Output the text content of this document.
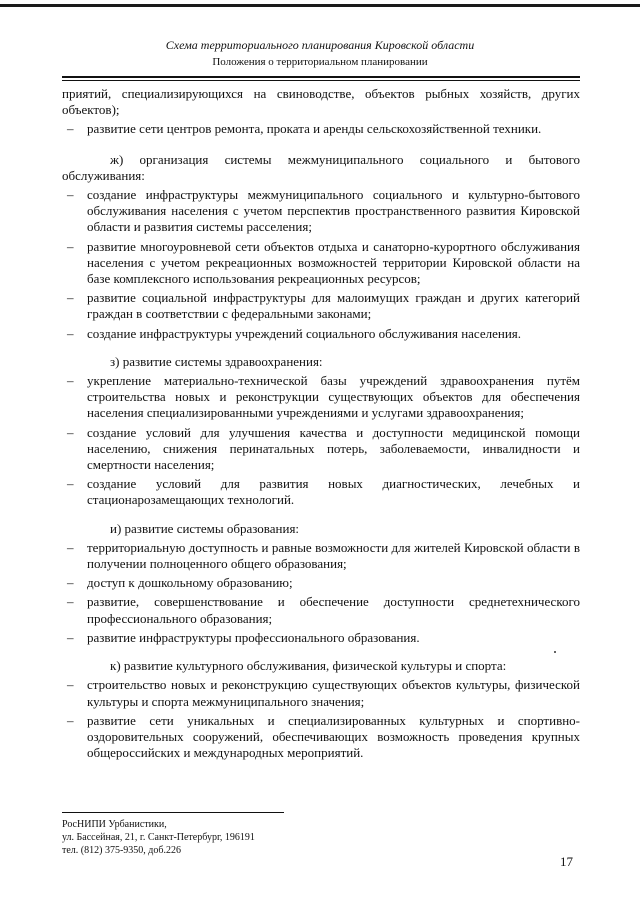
Схема территориального планирования Кировской области
Положения о территориальном планировании
приятий, специализирующихся на свиноводстве, объектов рыбных хозяйств, других объектов);
– развитие сети центров ремонта, проката и аренды сельскохозяйственной техники.
ж) организация системы межмуниципального социального и бытового обслуживания:
– создание инфраструктуры межмуниципального социального и культурно-бытового обслуживания населения с учетом перспектив пространственного развития Кировской области и развития системы расселения;
– развитие многоуровневой сети объектов отдыха и санаторно-курортного обслуживания населения с учетом рекреационных возможностей территории Кировской области на базе комплексного использования рекреационных ресурсов;
– развитие социальной инфраструктуры для малоимущих граждан и других категорий граждан в соответствии с федеральными законами;
– создание инфраструктуры учреждений социального обслуживания населения.
з) развитие системы здравоохранения:
– укрепление материально-технической базы учреждений здравоохранения путём строительства новых и реконструкции существующих объектов для обеспечения населения специализированными учреждениями и услугами здравоохранения;
– создание условий для улучшения качества и доступности медицинской помощи населению, снижения перинатальных потерь, заболеваемости, инвалидности и смертности населения;
– создание условий для развития новых диагностических, лечебных и стационарозамещающих технологий.
и) развитие системы образования:
– территориальную доступность и равные возможности для жителей Кировской области в получении полноценного общего образования;
– доступ к дошкольному образованию;
– развитие, совершенствование и обеспечение доступности среднетехнического профессионального образования;
– развитие инфраструктуры профессионального образования.
к) развитие культурного обслуживания, физической культуры и спорта:
– строительство новых и реконструкцию существующих объектов культуры, физической культуры и спорта межмуниципального значения;
– развитие сети уникальных и специализированных культурных и спортивно-оздоровительных сооружений, обеспечивающих возможность проведения крупных общероссийских и международных мероприятий.
РосНИПИ Урбанистики,
ул. Бассейная, 21, г. Санкт-Петербург, 196191
тел. (812) 375-9350, доб.226
17
